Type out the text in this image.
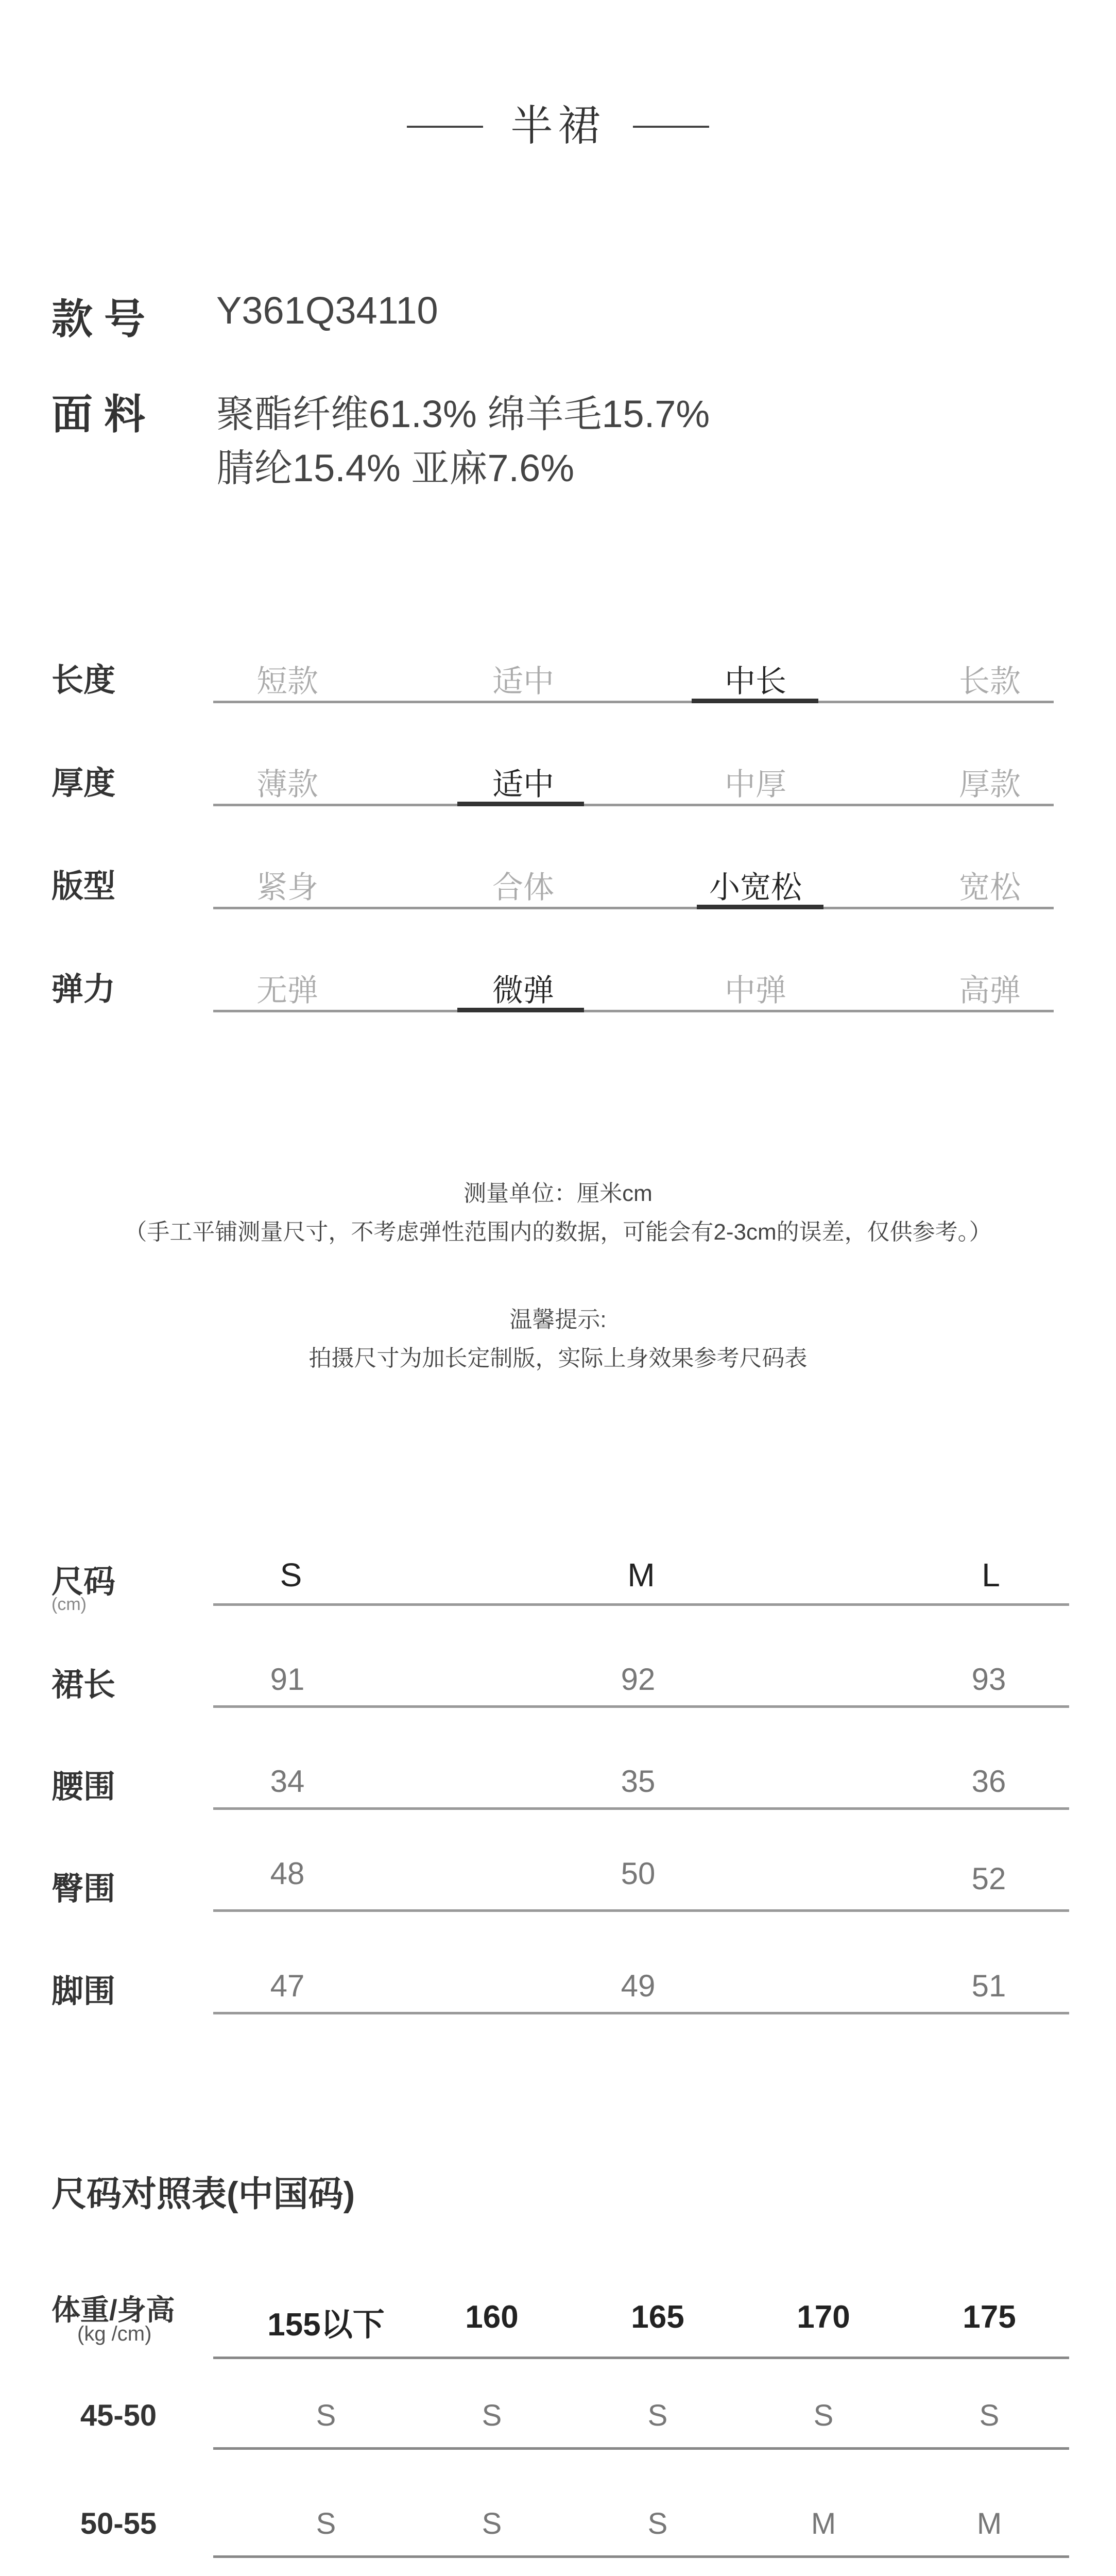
半裙
款号 Y361Q34110
面料 聚酯纤维61.3% 绵羊毛15.7%
腈纶15.4% 亚麻7.6%
长度	短款	适中	中长	长款
厚度	薄款	适中	中厚	厚款
版型	紧身	合体	小宽松	宽松
弹力	无弹	微弹	中弹	高弹
测量单位：厘米cm
（手工平铺测量尺寸，不考虑弹性范围内的数据，可能会有2-3cm的误差，仅供参考。）
温馨提示:
拍摄尺寸为加长定制版，实际上身效果参考尺码表
尺码
(cm)
S	M	L
裙长	91	92	93
腰围	34	35	36
臀围	48	50	52
脚围	47	49	51
尺码对照表(中国码)
体重/身高
(kg /cm)	155以下	160	165	170	175
45-50	S	S	S	S	S
50-55	S	S	S	M	M
